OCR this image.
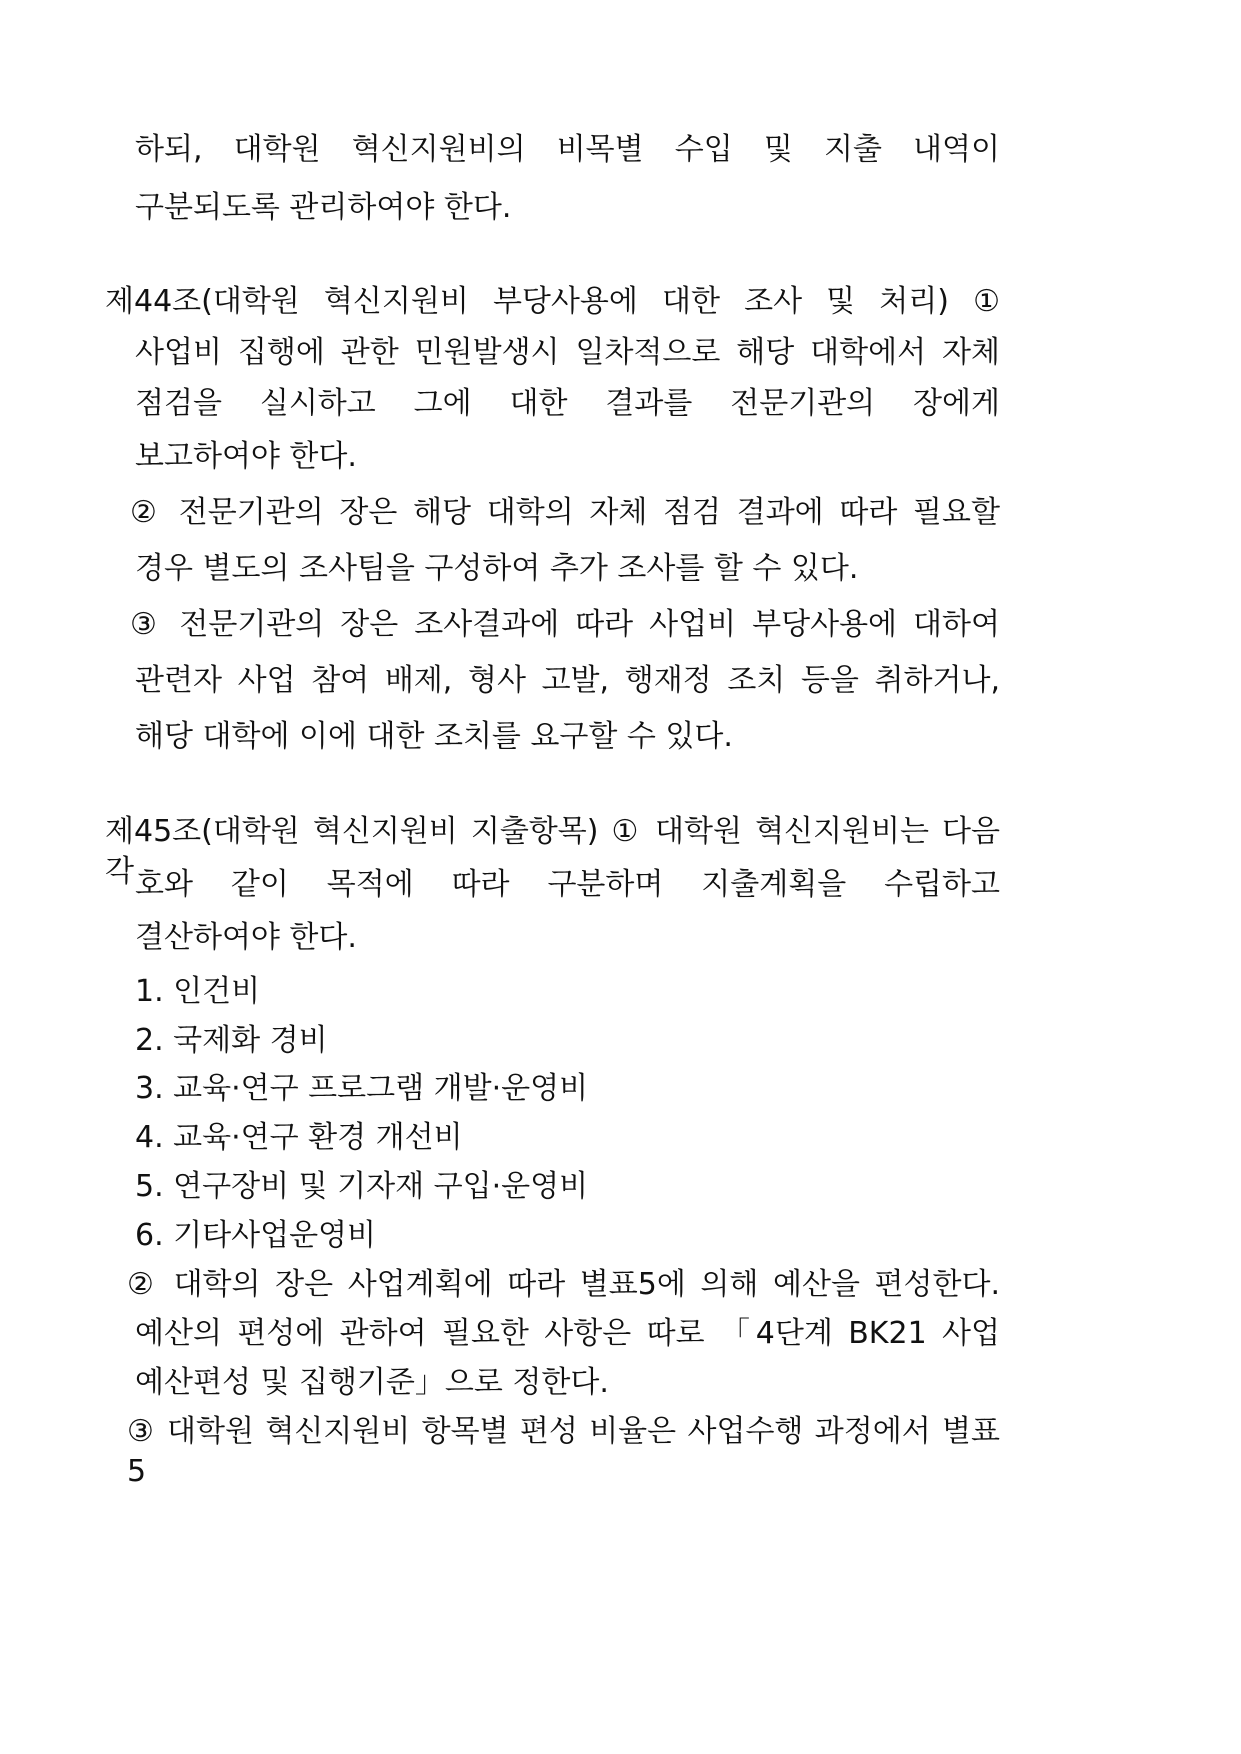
하되, 대학원 혁신지원비의 비목별 수입 및 지출 내역이
구분되도록 관리하여야 한다.
제44조(대학원 혁신지원비 부당사용에 대한 조사 및 처리) ①
사업비 집행에 관한 민원발생시 일차적으로 해당 대학에서 자체
점검을 실시하고 그에 대한 결과를 전문기관의 장에게
보고하여야 한다.
② 전문기관의 장은 해당 대학의 자체 점검 결과에 따라 필요할
경우 별도의 조사팀을 구성하여 추가 조사를 할 수 있다.
③ 전문기관의 장은 조사결과에 따라 사업비 부당사용에 대하여
관련자 사업 참여 배제, 형사 고발, 행재정 조치 등을 취하거나,
해당 대학에 이에 대한 조치를 요구할 수 있다.
제45조(대학원 혁신지원비 지출항목) ① 대학원 혁신지원비는 다음 각 호와 같이 목적에 따라 구분하며 지출계획을 수립하고
결산하여야 한다.
1. 인건비
2. 국제화 경비
3. 교육·연구 프로그램 개발·운영비
4. 교육·연구 환경 개선비
5. 연구장비 및 기자재 구입·운영비
6. 기타사업운영비
② 대학의 장은 사업계획에 따라 별표5에 의해 예산을 편성한다.
예산의 편성에 관하여 필요한 사항은 따로 「4단계 BK21 사업
예산편성 및 집행기준」으로 정한다.
③ 대학원 혁신지원비 항목별 편성 비율은 사업수행 과정에서 별표5
